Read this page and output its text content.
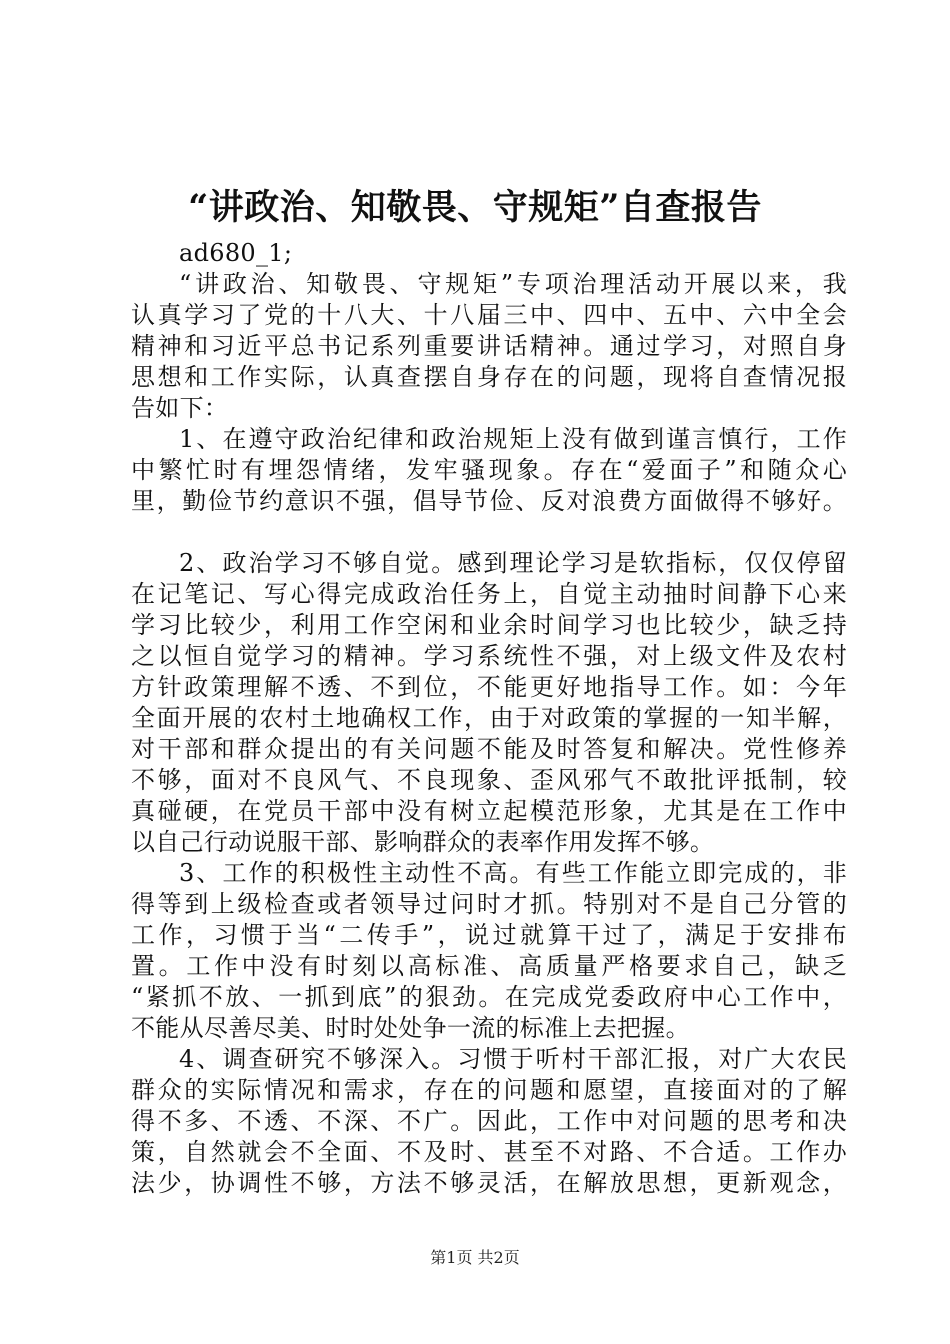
“讲政治、知敬畏、守规矩”自查报告
ad680_1;
“讲政治、知敬畏、守规矩”专项治理活动开展以来，我
认真学习了党的十八大、十八届三中、四中、五中、六中全会
精神和习近平总书记系列重要讲话精神。通过学习，对照自身
思想和工作实际，认真查摆自身存在的问题，现将自查情况报
告如下：
1、在遵守政治纪律和政治规矩上没有做到谨言慎行，工作
中繁忙时有埋怨情绪，发牢骚现象。存在“爱面子”和随众心
里，勤俭节约意识不强，倡导节俭、反对浪费方面做得不够好。
2、政治学习不够自觉。感到理论学习是软指标，仅仅停留
在记笔记、写心得完成政治任务上，自觉主动抽时间静下心来
学习比较少，利用工作空闲和业余时间学习也比较少，缺乏持
之以恒自觉学习的精神。学习系统性不强，对上级文件及农村
方针政策理解不透、不到位，不能更好地指导工作。如：今年
全面开展的农村土地确权工作，由于对政策的掌握的一知半解，
对干部和群众提出的有关问题不能及时答复和解决。党性修养
不够，面对不良风气、不良现象、歪风邪气不敢批评抵制，较
真碰硬，在党员干部中没有树立起模范形象，尤其是在工作中
以自己行动说服干部、影响群众的表率作用发挥不够。
3、工作的积极性主动性不高。有些工作能立即完成的，非
得等到上级检查或者领导过问时才抓。特别对不是自己分管的
工作，习惯于当“二传手”，说过就算干过了，满足于安排布
置。工作中没有时刻以高标准、高质量严格要求自己，缺乏
“紧抓不放、一抓到底”的狠劲。在完成党委政府中心工作中，
不能从尽善尽美、时时处处争一流的标准上去把握。
4、调查研究不够深入。习惯于听村干部汇报，对广大农民
群众的实际情况和需求，存在的问题和愿望，直接面对的了解
得不多、不透、不深、不广。因此，工作中对问题的思考和决
策，自然就会不全面、不及时、甚至不对路、不合适。工作办
法少，协调性不够，方法不够灵活，在解放思想，更新观念，
第1页 共2页
